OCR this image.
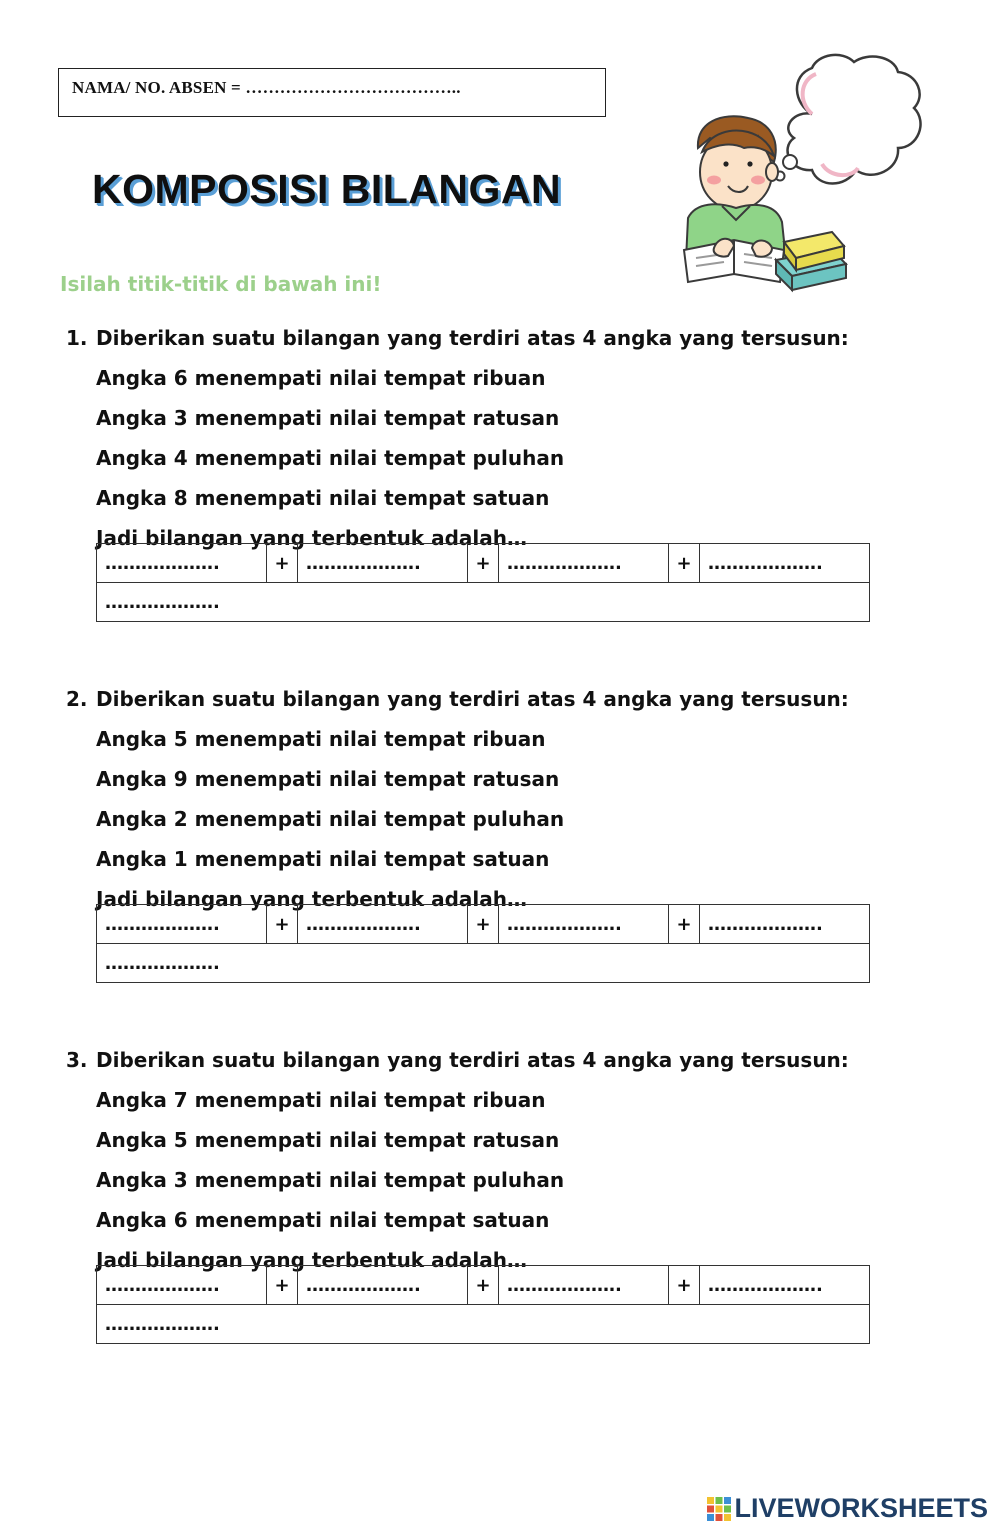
NAMA/ NO. ABSEN = ………………………………..
KOMPOSISI BILANGAN
Isilah titik-titik di bawah ini!
1. Diberikan suatu bilangan yang terdiri atas 4 angka yang tersusun:
Angka 6 menempati nilai tempat ribuan
Angka 3 menempati nilai tempat ratusan
Angka 4 menempati nilai tempat puluhan
Angka 8 menempati nilai tempat satuan
Jadi bilangan yang terbentuk adalah…
……………….	+	……………….	+	……………….	+	……………….
……………….
2. Diberikan suatu bilangan yang terdiri atas 4 angka yang tersusun:
Angka 5 menempati nilai tempat ribuan
Angka 9 menempati nilai tempat ratusan
Angka 2 menempati nilai tempat puluhan
Angka 1 menempati nilai tempat satuan
Jadi bilangan yang terbentuk adalah…
……………….	+	……………….	+	……………….	+	……………….
……………….
3. Diberikan suatu bilangan yang terdiri atas 4 angka yang tersusun:
Angka 7 menempati nilai tempat ribuan
Angka 5 menempati nilai tempat ratusan
Angka 3 menempati nilai tempat puluhan
Angka 6 menempati nilai tempat satuan
Jadi bilangan yang terbentuk adalah…
……………….	+	……………….	+	……………….	+	……………….
……………….
LIVEWORKSHEETS
